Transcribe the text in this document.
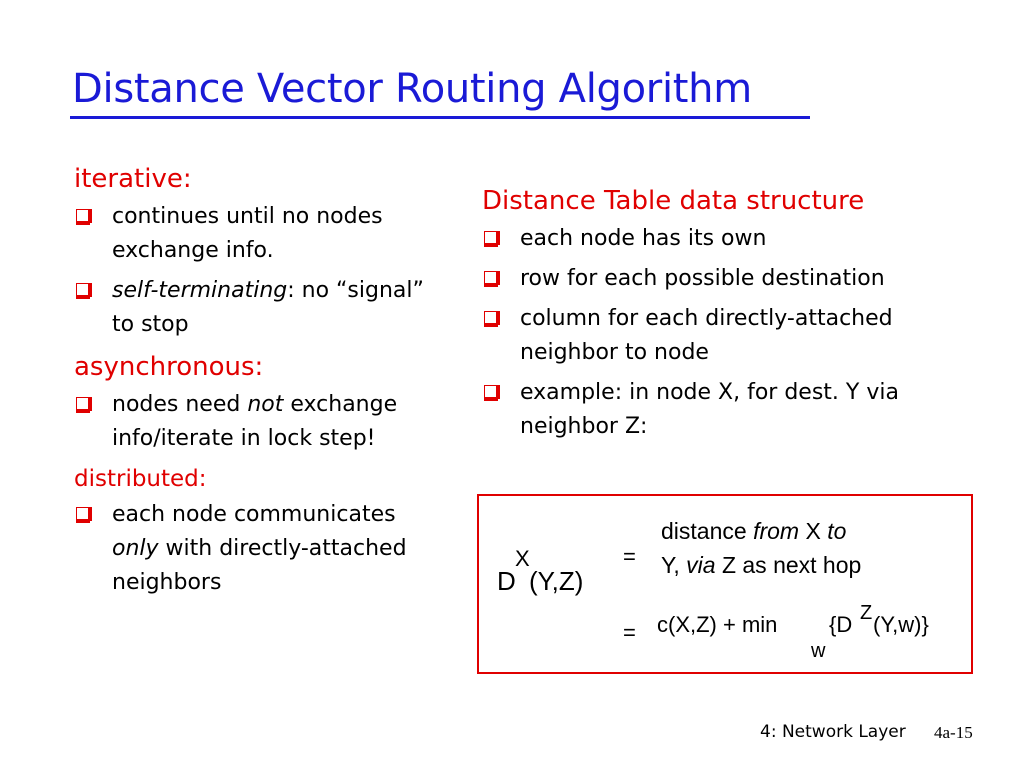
Distance Vector Routing Algorithm
iterative:
continues until no nodes exchange info.
self-terminating: no “signal” to stop
asynchronous:
nodes need not exchange info/iterate in lock step!
distributed:
each node communicates only with directly-attached neighbors
Distance Table data structure
each node has its own
row for each possible destination
column for each directly-attached neighbor to node
example: in node X, for dest. Y via neighbor Z:
X
D (Y,Z)
=
distance from X to
Y, via Z as next hop
= c(X,Z) + min
w
{D Z (Y,w)}
4: Network Layer 4a-15
